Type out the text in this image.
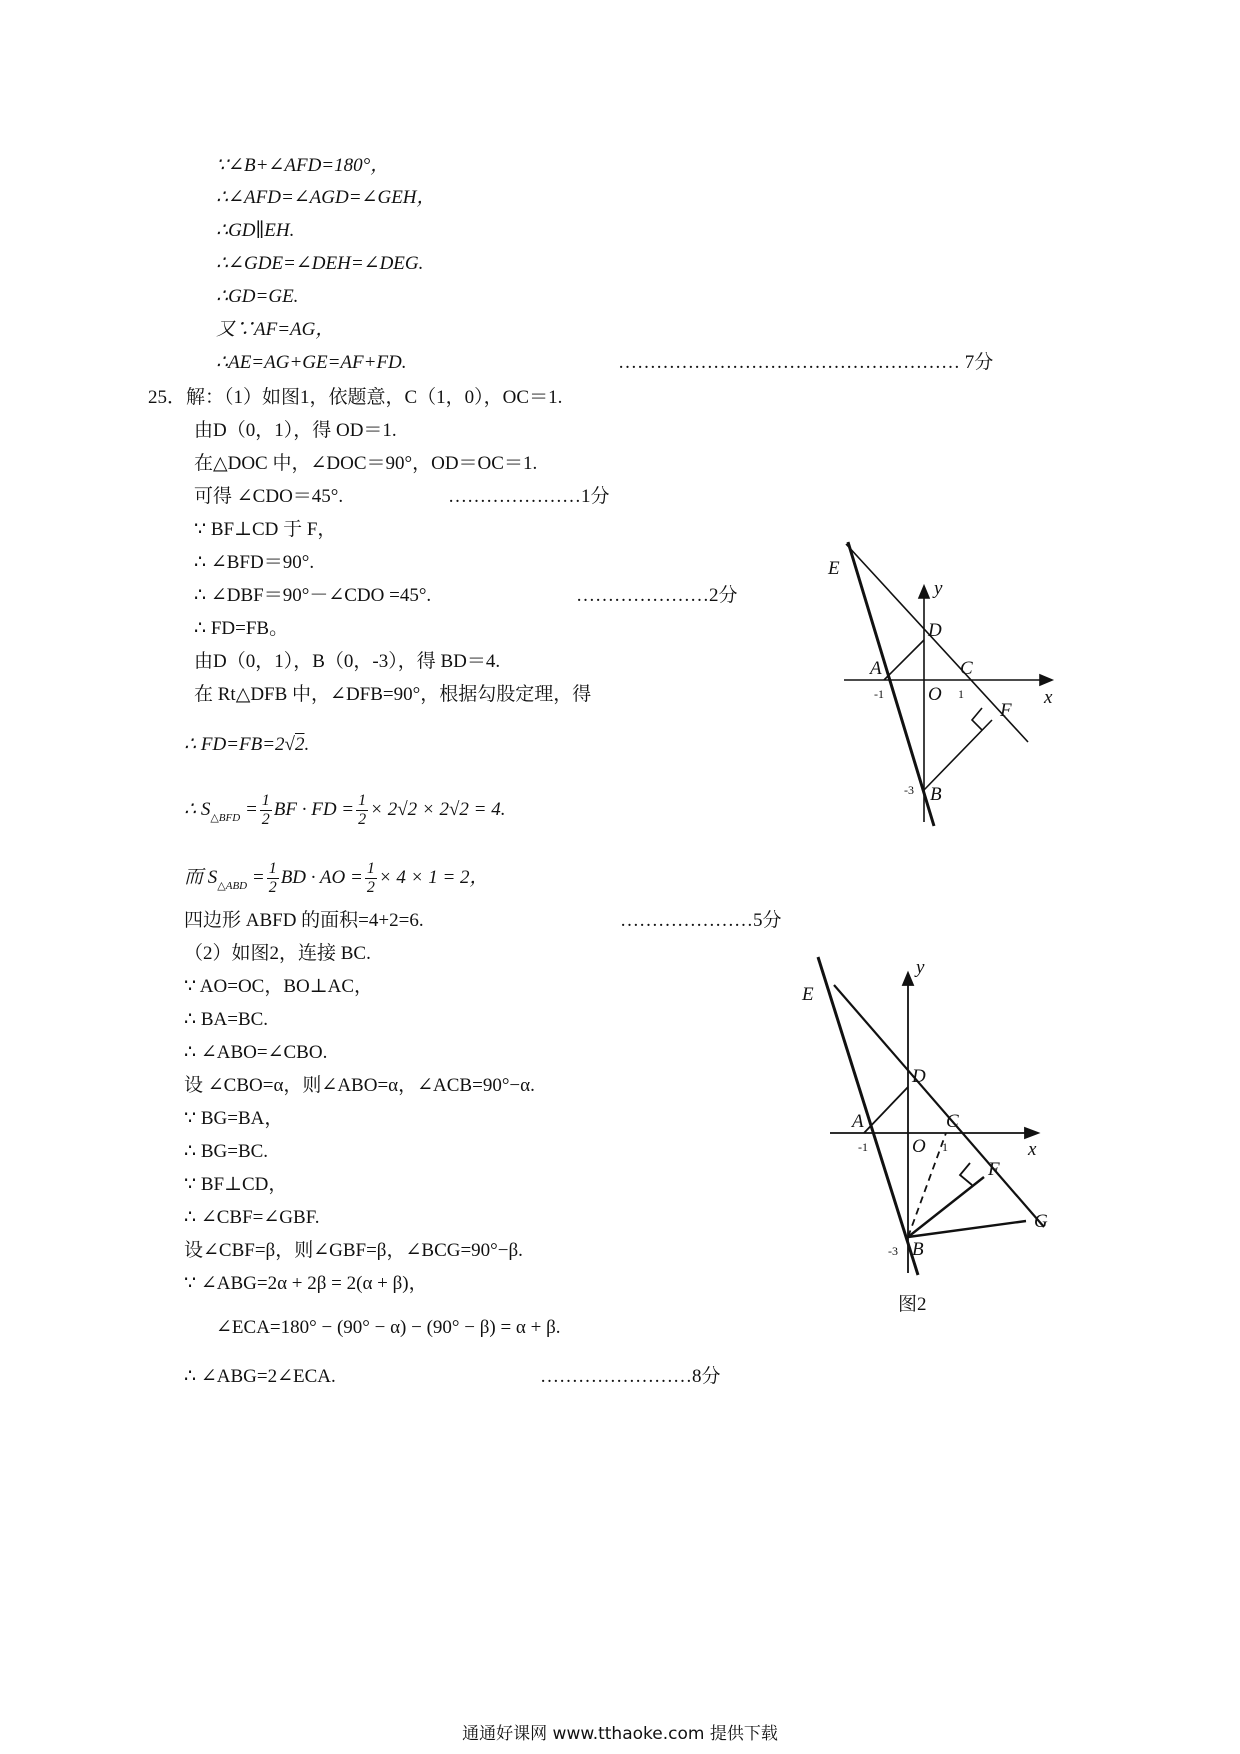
∵∠B+∠AFD=180°，
∴∠AFD=∠AGD=∠GEH，
∴GD∥EH.
∴∠GDE=∠DEH=∠DEG.
∴GD=GE.
又∵AF=AG，
∴AE=AG+GE=AF+FD.	……………………………………………… 7分
25．解：（1）如图1，依题意，C（1，0），OC＝1.
由D（0，1），得 OD＝1.
在△DOC 中，∠DOC＝90°，OD＝OC＝1.
可得 ∠CDO＝45°.	…………………1分
∵ BF⊥CD 于 F，
∴ ∠BFD＝90°.
∴ ∠DBF＝90°－∠CDO =45°.	…………………2分
∴ FD=FB。
由D（0，1），B（0，-3），得 BD＝4.
在 Rt△DFB 中，∠DFB=90°，根据勾股定理，得
∴ FD=FB=2√2.
∴ $S_{\triangle BFD} = \frac{1}{2}$ BF · FD = $\frac{1}{2} \times 2√2 \times 2√2 = 4$.
而 $S_{\triangle ABD} = \frac{1}{2}$ BD · AO = $\frac{1}{2} \times 4 \times 1 = 2$，
四边形 ABFD 的面积=4+2=6.	…………………5分
（2）如图2，连接 BC.
∵ AO=OC，BO⊥AC，
∴ BA=BC.
∴ ∠ABO=∠CBO.
设 ∠CBO=α，则∠ABO=α，∠ACB=90°−α.
∵ BG=BA，
∴ BG=BC.
∵ BF⊥CD，
∴ ∠CBF=∠GBF.
设∠CBF=β，则∠GBF=β，∠BCG=90°−β.
∵ ∠ABG=2α + 2β = 2(α + β)，
∠ECA=180° − (90° − α) − (90° − β) = α + β.
∴ ∠ABG=2∠ECA.	……………………8分
E
y
D
A	C
x
O
F
B
-1	1
-3
y
E
D
A	C
x
O
F
G
B
-1	1
-3
图2
通通好课网 www.tthaoke.com 提供下载
